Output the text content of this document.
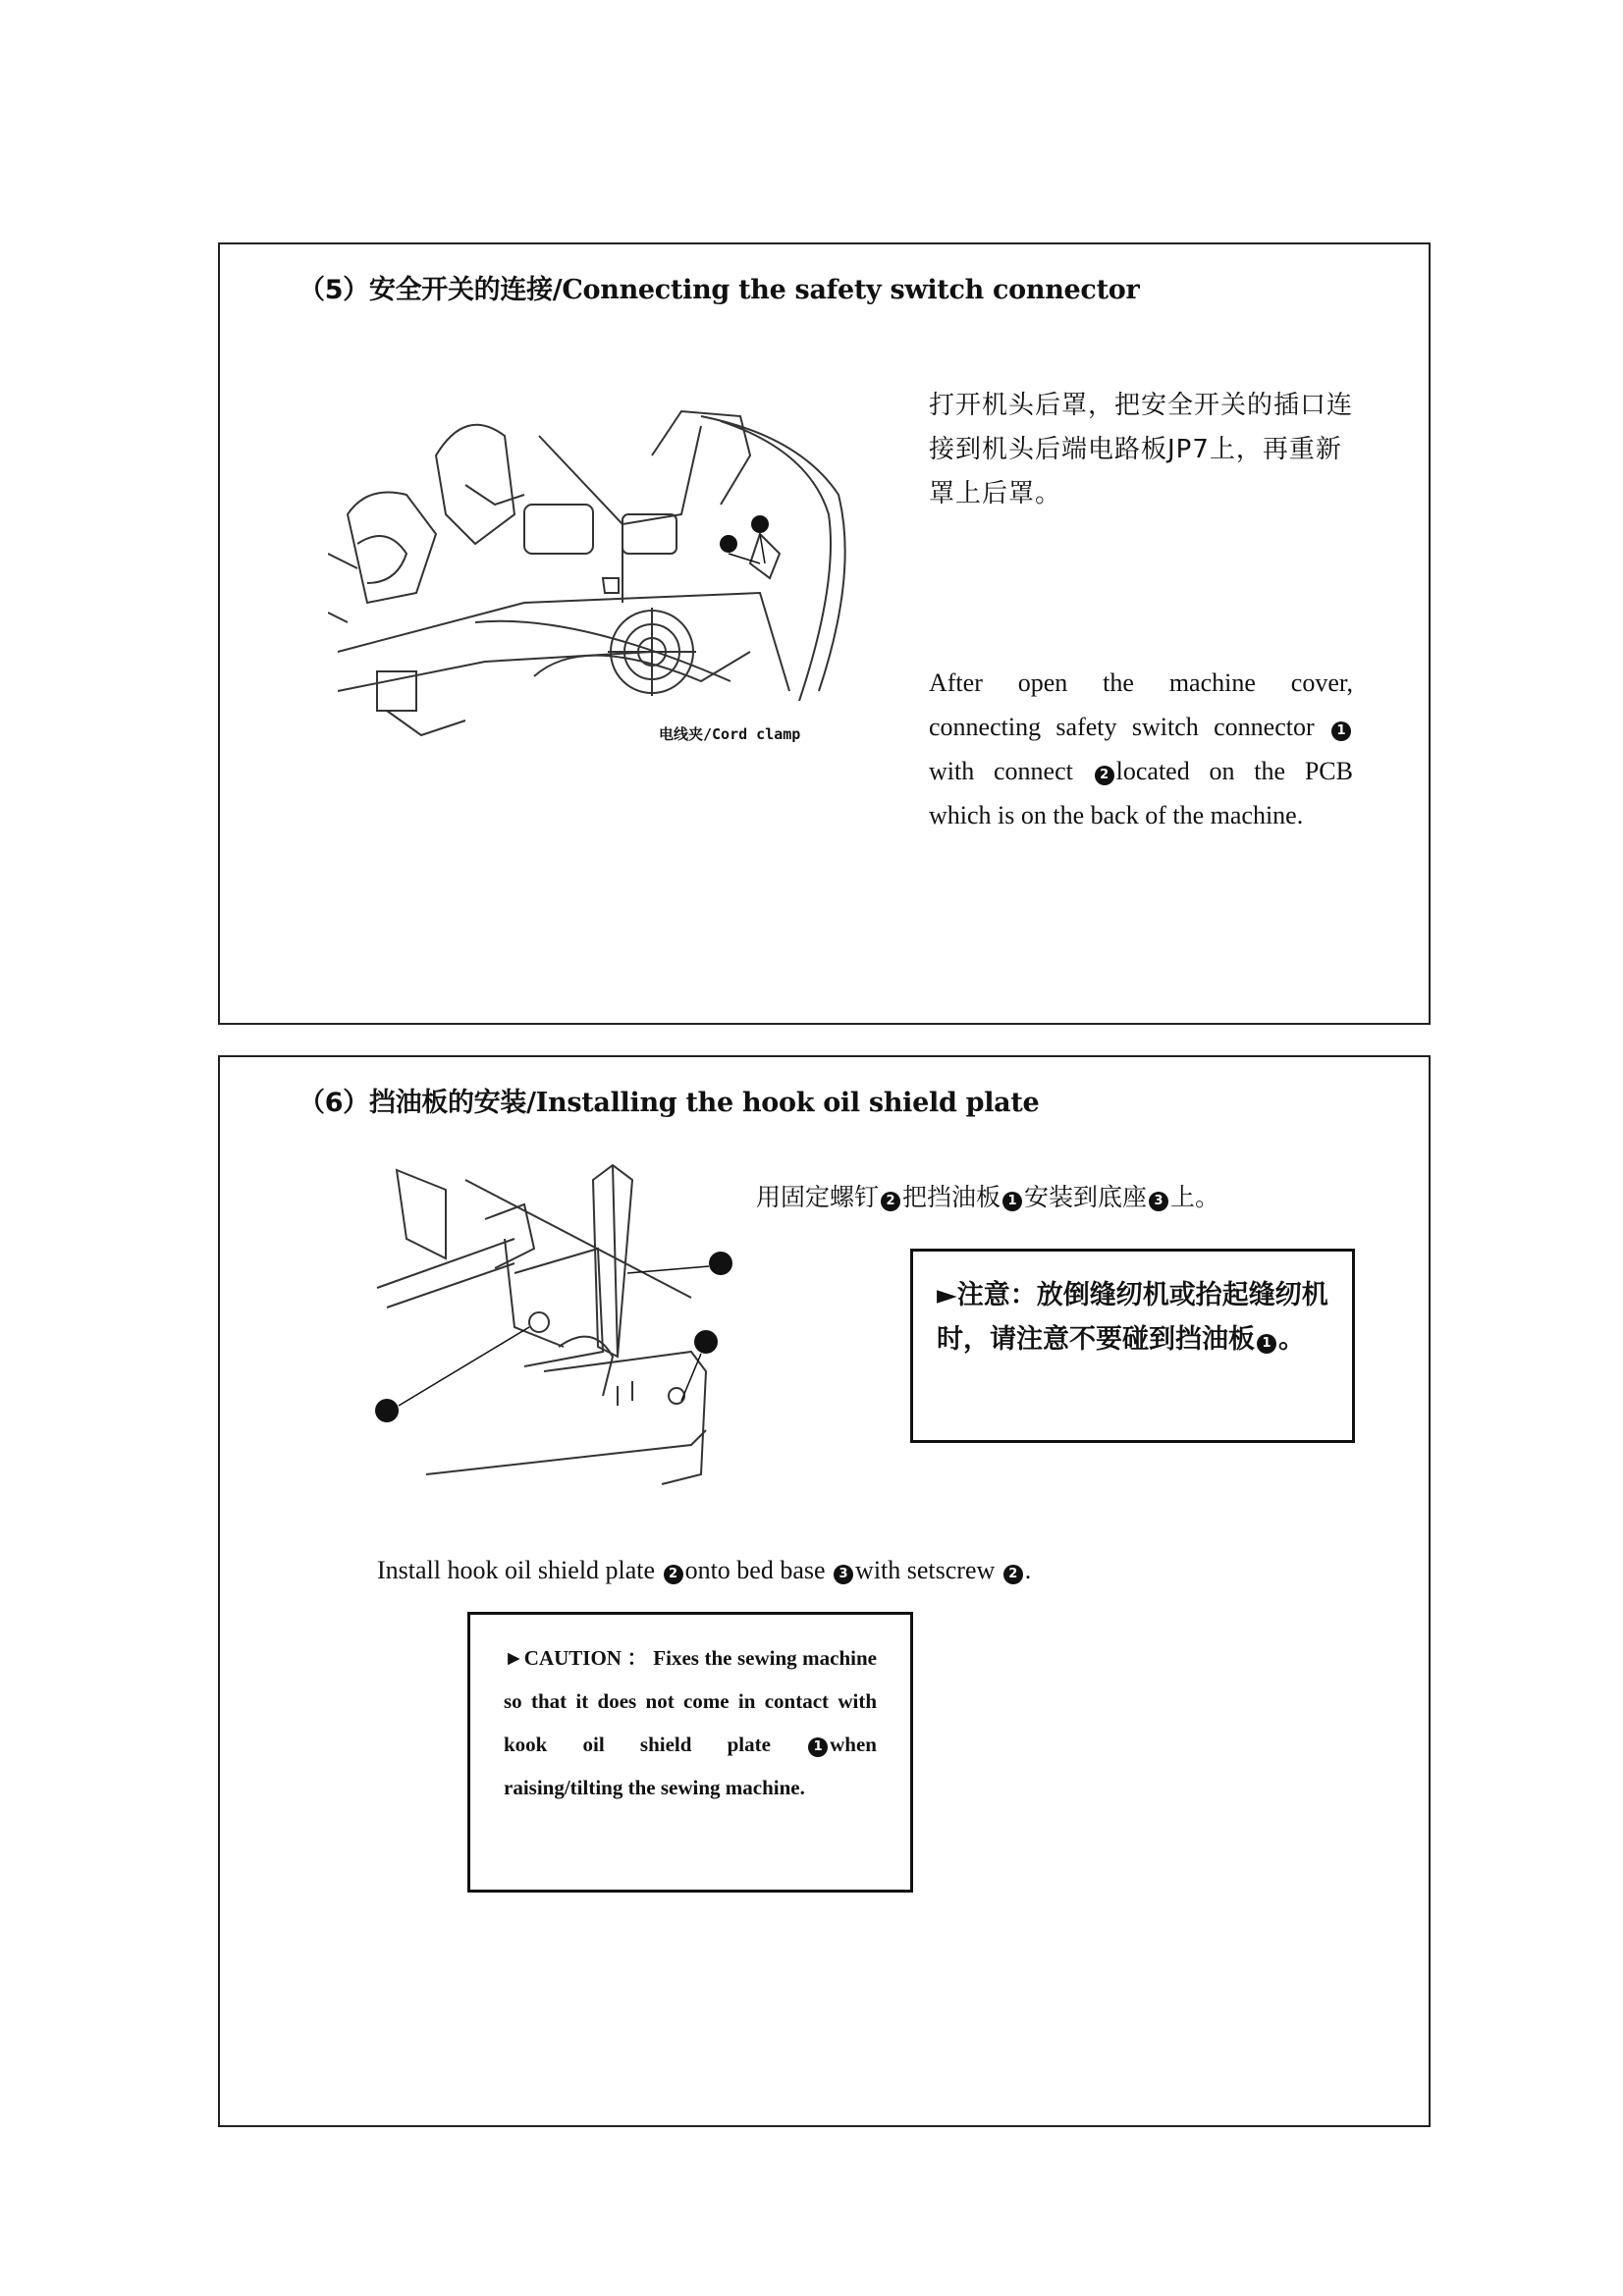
（5）安全开关的连接/Connecting the safety switch connector
电线夹/Cord clamp
打开机头后罩，把安全开关的插口连接到机头后端电路板JP7上，再重新罩上后罩。
After open the machine cover, connecting safety switch connector 1 with connect 2 located on the PCB which is on the back of the machine.
（6）挡油板的安装/Installing the hook oil shield plate
用固定螺钉 2 把挡油板 1 安装到底座 3 上。
►注意：放倒缝纫机或抬起缝纫机时，请注意不要碰到挡油板 1 。
Install hook oil shield plate 2 onto bed base 3 with setscrew 2 .
►CAUTION ： Fixes the sewing machine so that it does not come in contact with kook oil shield plate	1 when raising/tilting the sewing machine.
